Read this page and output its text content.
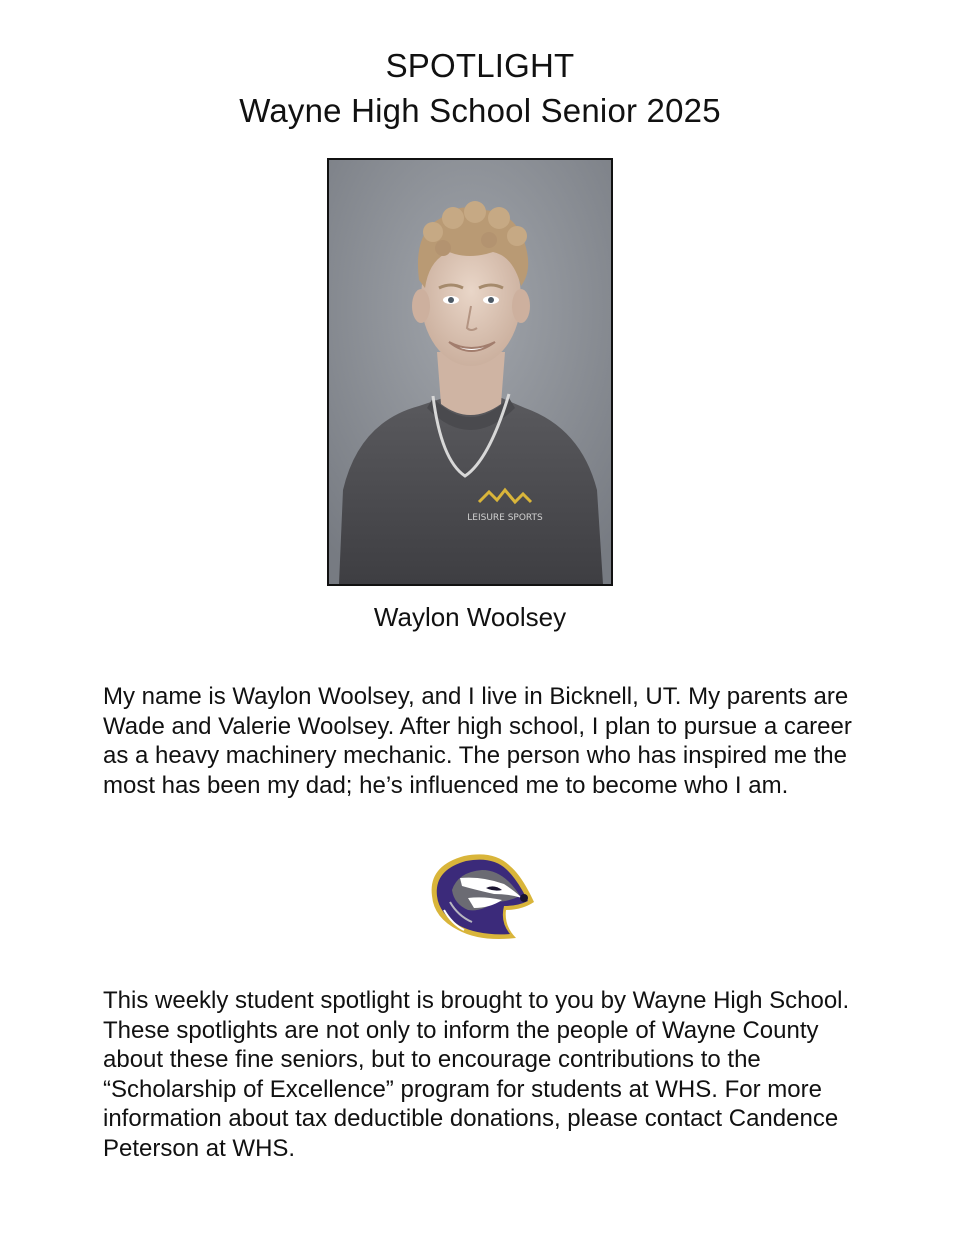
SPOTLIGHT
Wayne High School Senior 2025
LEISURE SPORTS
Waylon Woolsey

My name is Waylon Woolsey, and I live in Bicknell, UT. My parents are Wade and Valerie Woolsey. After high school, I plan to pursue a career as a heavy machinery mechanic. The person who has inspired me the most has been my dad; he’s influenced me to become who I am.

This weekly student spotlight is brought to you by Wayne High School. These spotlights are not only to inform the people of Wayne County about these fine seniors, but to encourage contributions to the “Scholarship of Excellence” program for students at WHS. For more information about tax deductible donations, please contact Candence Peterson at WHS.
